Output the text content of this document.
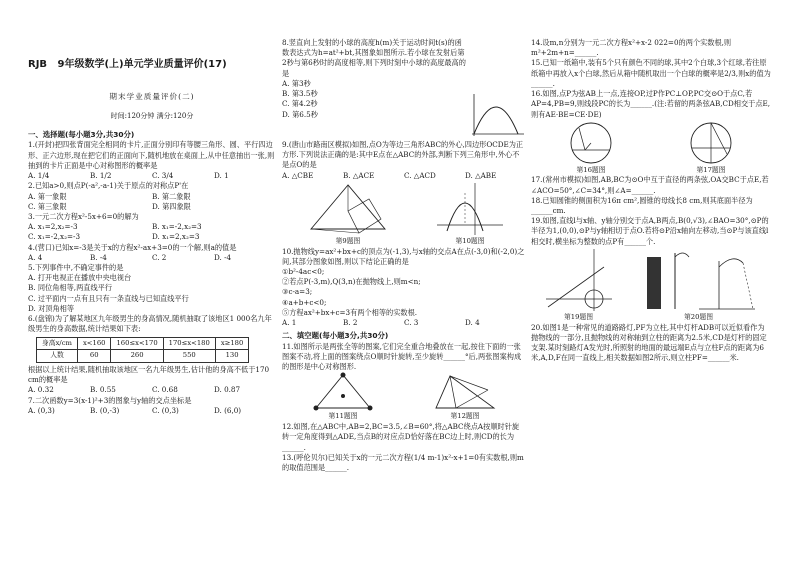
RJB 9年级数学(上)单元学业质量评价(17)
期末学业质量评价(二)
时间:120分钟 满分:120分
一、选择题(每小题3分,共30分)

1.(开封)把四张背面完全相同的卡片,正面分别印有等腰三角形、圆、平行四边形、正六边形,现在把它们的正面向下,随机地放在桌面上,从中任意抽出一张,则抽到的卡片正面是中心对称图形的概率是

A. 1/4	B. 1/2	C. 3/4	D. 1

2.已知a>0,则点P(-a²,-a-1)关于原点的对称点P'在

A. 第一象限	B. 第二象限
C. 第三象限	D. 第四象限

3.一元二次方程x²-5x+6=0的解为

A. x₁=2,x₂=-3	B. x₁=-2,x₂=3
C. x₁=-2,x₂=-3	D. x₁=2,x₂=3

4.(营口)已知x=-3是关于x的方程x²-ax+3=0的一个解,则a的值是

A. 4	B. -4	C. 2	D. -4

5.下列事件中,不确定事件的是

A. 打开电视正在播放中央电视台
B. 同位角相等,两直线平行
C. 过平面内一点有且只有一条直线与已知直线平行
D. 对顶角相等

6.(盘锦)为了解某地区九年级男生的身高情况,随机抽取了该地区1 000名九年级男生的身高数据,统计结果如下表:

身高x/cm	x<160	160≤x<170	170≤x<180	x≥180
人数	60	260	550	130

根据以上统计结果,随机抽取该地区一名九年级男生,估计他的身高不低于170 cm的概率是

A. 0.32	B. 0.55	C. 0.68	D. 0.87

7.二次函数y=3(x-1)²+3的图象与y轴的交点坐标是

A. (0,3)	B. (0,-3)	C. (0,3)	D. (6,0)

8.竖直向上发射的小球的高度h(m)关于运动时间t(s)的函数表达式为h=at²+bt,其图象如图所示.若小球在发射后第2秒与第6秒时的高度相等,则下列时刻中小球的高度最高的是

A. 第3秒
B. 第3.5秒
C. 第4.2秒
D. 第6.5秒

9.(唐山市路南区模拟)如图,点O为等边三角形ABC的外心,四边形OCDE为正方形.下列说法正确的是:其中E点在△ABC的外部,判断下列三角形中,外心不是点O的是

A. △CBE	B. △ACE	C. △ACD	D. △ABE
第9题图	第10题图

10.抛物线y=ax²+bx+c的顶点为(-1,3),与x轴的交点A在点(-3,0)和(-2,0)之间,其部分图象如图,则以下结论正确的是

①b²-4ac<0;
②若点P(-3,m),Q(3,n)在抛物线上,则m<n;
③c-a=3;
④a+b+c<0;
⑤方程ax²+bx+c=3有两个相等的实数根.
A. 1	B. 2	C. 3	D. 4
二、填空题(每小题3分,共30分)

11.如图所示是两张全等的图案,它们完全重合地叠放在一起,按住下面的一张图案不动,将上面的图案绕点O顺时针旋转,至少旋转______°后,两张图案构成的图形是中心对称图形.

第11题图	第12题图

12.如图,在△ABC中,AB=2,BC=3.5,∠B=60°,将△ABC绕点A按顺时针旋转一定角度得到△ADE,当点B的对应点D恰好落在BC边上时,则CD的长为______.

13.(呼伦贝尔)已知关于x的一元二次方程(1/4 m-1)x²-x+1=0有实数根,则m的取值范围是______.

14.设m,n分别为一元二次方程x²+x-2 022=0的两个实数根,则m²+2m+n=______.

15.已知一纸箱中,装有5个只有颜色不同的球,其中2个白球,3个红球,若往原纸箱中再放入x个白球,然后从箱中随机取出一个白球的概率是2/3,则x的值为______.

16.如图,点P为弦AB上一点,连接OP,过P作PC⊥OP,PC交⊙O于点C,若AP=4,PB=9,则线段PC的长为______.(注:若留的两条弦AB,CD相交于点E,则有AE·BE=CE·DE)

第16题图	第17题图

17.(常州市模拟)如图,AB,BC为⊙O中互于直径的两条弦,OA交BC于点E,若∠ACO=50°,∠C=34°,则∠A=______.

18.已知圆锥的侧面积为16π cm²,圆锥的母线长8 cm,则其底面半径为______cm.

19.如图,直线l与x轴、y轴分别交于点A,B两点,B(0,√3),∠BAO=30°,⊙P的半径为1,(0,0),⊙P与y轴相切于点O.若将⊙P沿x轴向左移动,当⊙P与该直线l相交时,横坐标为整数的点P有______个.

第19题图	第20题图

20.如图1是一种常见的道路路灯,PF为立柱,其中灯杆ADB可以近似看作为抛物线的一部分,且抛物线的对称轴到立柱的距离为2.5米,CD是灯杆的固定支架.某时刻路灯A发光时,所照射的地面的最远端E点与立柱F点的距离为6米,A,D,F在同一直线上,相关数据如图2所示,则立柱PF=______米.
